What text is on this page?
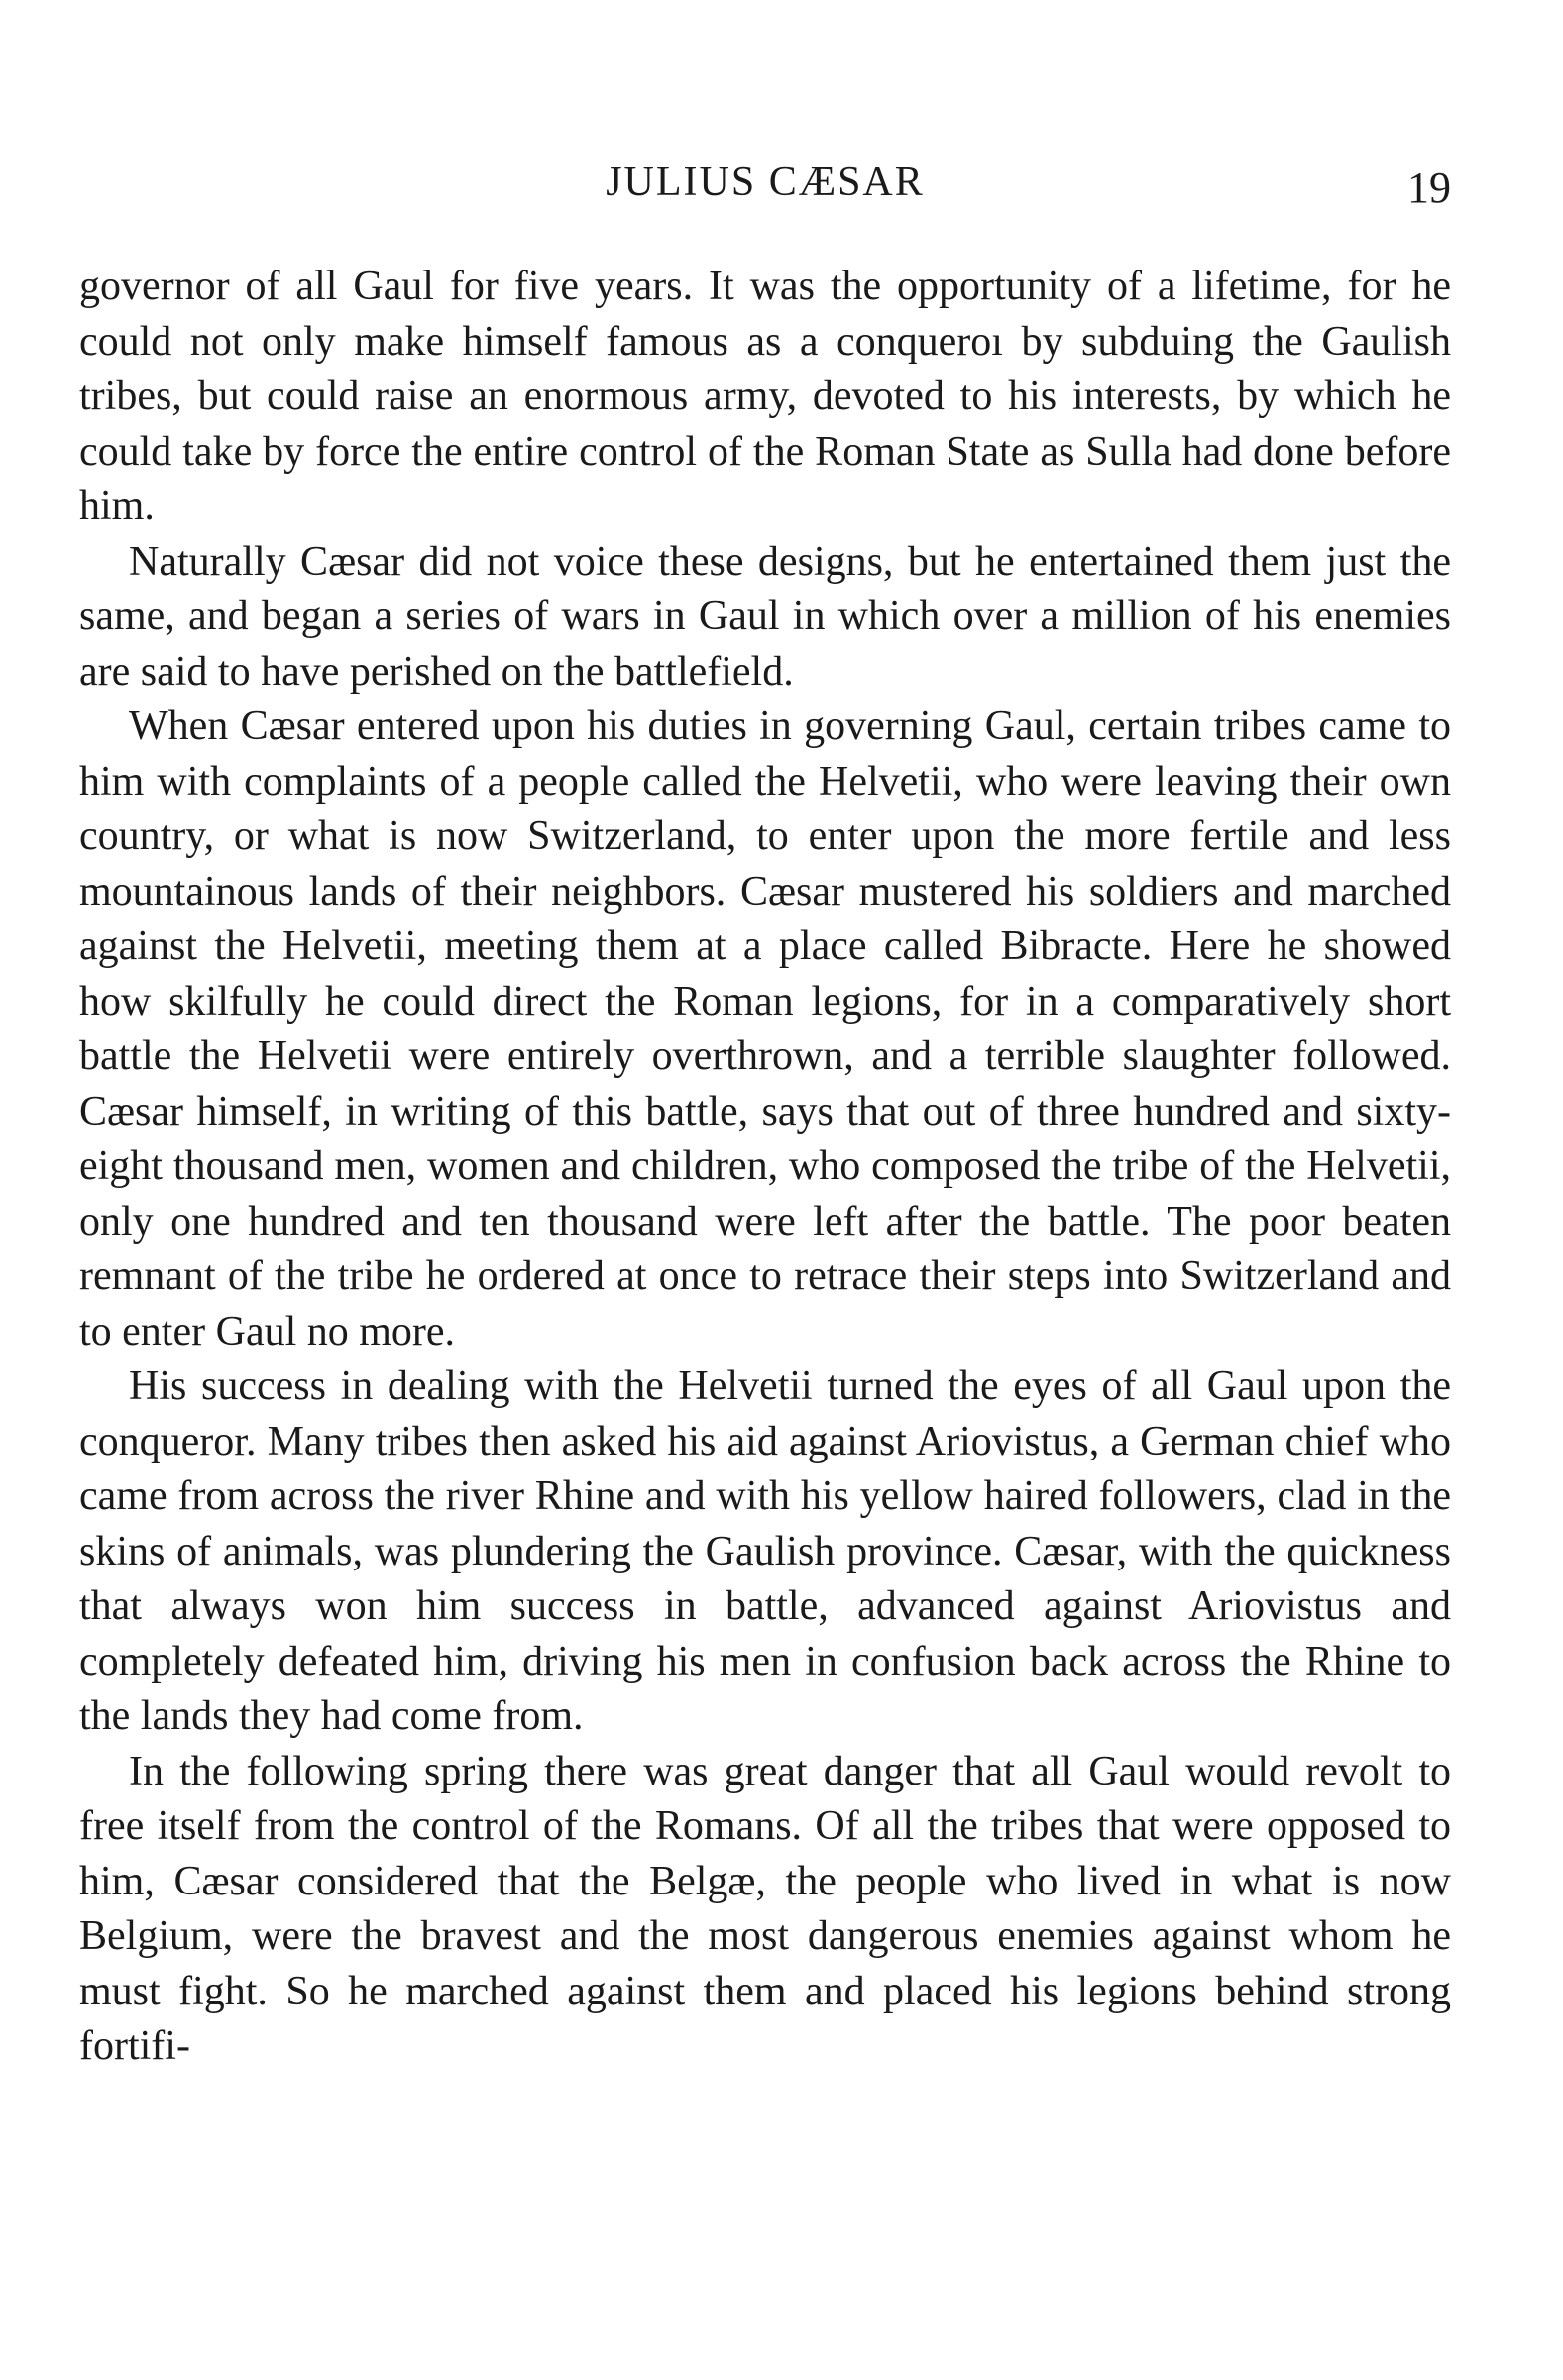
JULIUS CÆSAR	19

governor of all Gaul for five years. It was the opportunity of a lifetime, for he could not only make himself famous as a conqueroı by subduing the Gaulish tribes, but could raise an enormous army, devoted to his interests, by which he could take by force the entire control of the Roman State as Sulla had done before him.

Naturally Cæsar did not voice these designs, but he entertained them just the same, and began a series of wars in Gaul in which over a million of his enemies are said to have perished on the battlefield.

When Cæsar entered upon his duties in governing Gaul, certain tribes came to him with complaints of a people called the Helvetii, who were leaving their own country, or what is now Switzerland, to enter upon the more fertile and less mountainous lands of their neighbors. Cæsar mustered his soldiers and marched against the Helvetii, meeting them at a place called Bibracte. Here he showed how skilfully he could direct the Roman legions, for in a comparatively short battle the Helvetii were entirely overthrown, and a terrible slaughter followed. Cæsar himself, in writing of this battle, says that out of three hundred and sixty-eight thousand men, women and children, who composed the tribe of the Helvetii, only one hundred and ten thousand were left after the battle. The poor beaten remnant of the tribe he ordered at once to retrace their steps into Switzerland and to enter Gaul no more.

His success in dealing with the Helvetii turned the eyes of all Gaul upon the conqueror. Many tribes then asked his aid against Ariovistus, a German chief who came from across the river Rhine and with his yellow haired followers, clad in the skins of animals, was plundering the Gaulish province. Cæsar, with the quickness that always won him success in battle, advanced against Ariovistus and completely defeated him, driving his men in confusion back across the Rhine to the lands they had come from.

In the following spring there was great danger that all Gaul would revolt to free itself from the control of the Romans. Of all the tribes that were opposed to him, Cæsar considered that the Belgæ, the people who lived in what is now Belgium, were the bravest and the most dangerous enemies against whom he must fight. So he marched against them and placed his legions behind strong fortifi-
